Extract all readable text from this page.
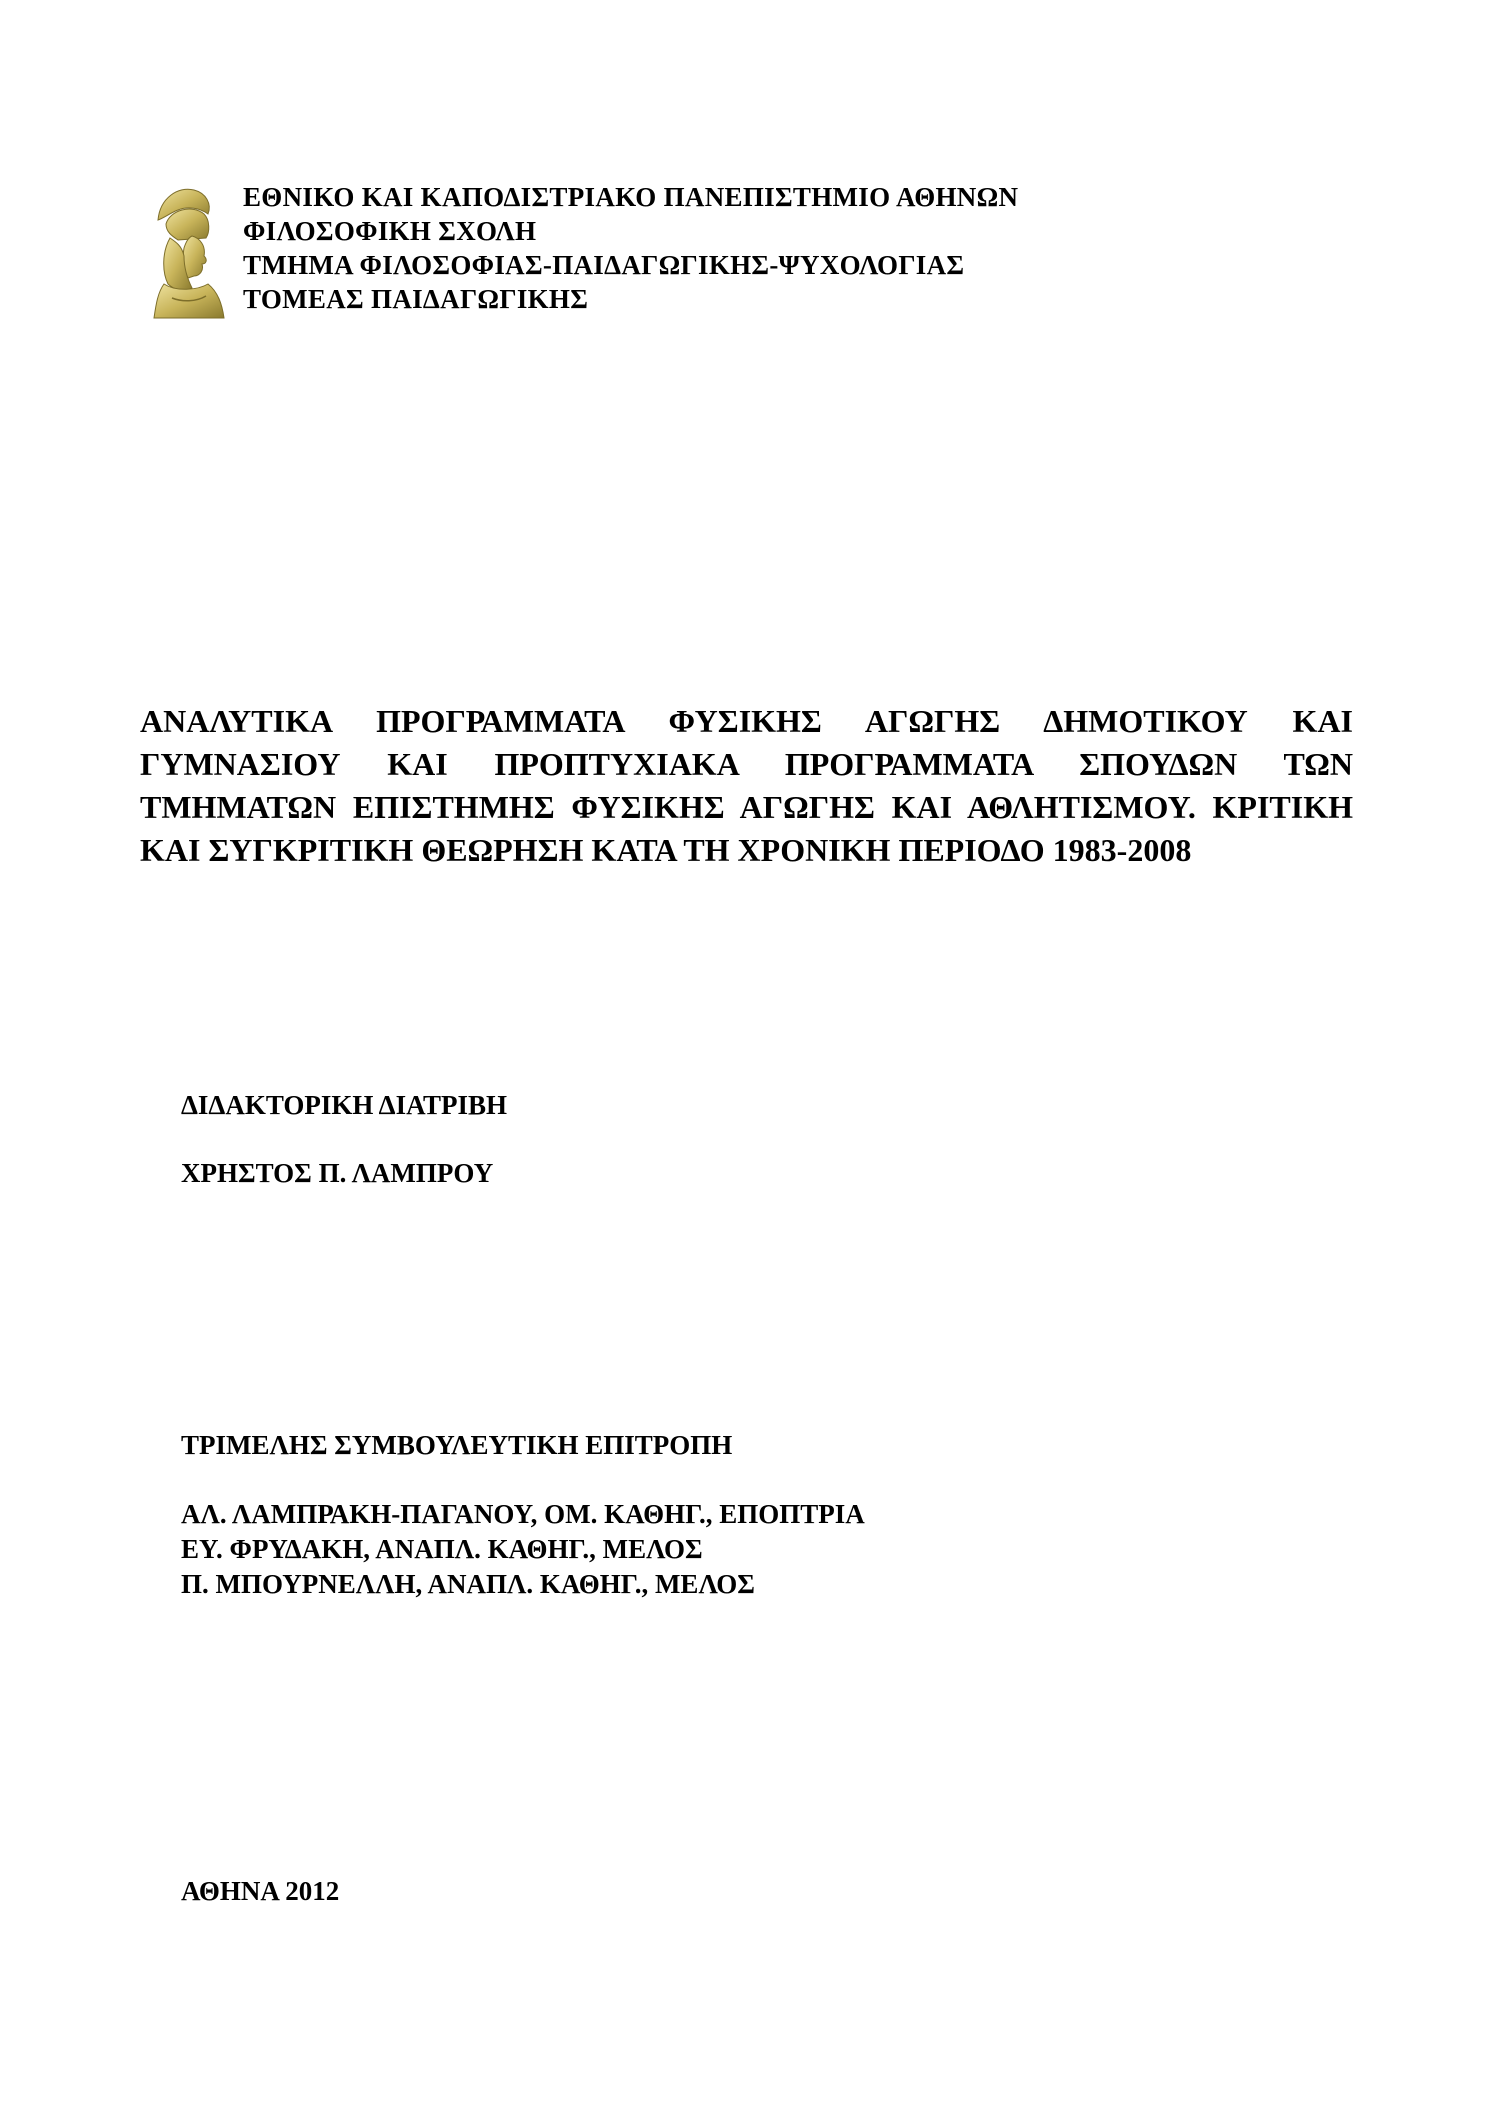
ΕΘΝΙΚΟ ΚΑΙ ΚΑΠΟΔΙΣΤΡΙΑΚΟ ΠΑΝΕΠΙΣΤΗΜΙΟ ΑΘΗΝΩΝ
ΦΙΛΟΣΟΦΙΚΗ ΣΧΟΛΗ
ΤΜΗΜΑ ΦΙΛΟΣΟΦΙΑΣ-ΠΑΙΔΑΓΩΓΙΚΗΣ-ΨΥΧΟΛΟΓΙΑΣ
ΤΟΜΕΑΣ ΠΑΙΔΑΓΩΓΙΚΗΣ
ΑΝΑΛΥΤΙΚΑ ΠΡΟΓΡΑΜΜΑΤΑ ΦΥΣΙΚΗΣ ΑΓΩΓΗΣ ΔΗΜΟΤΙΚΟΥ ΚΑΙ ΓΥΜΝΑΣΙΟΥ ΚΑΙ ΠΡΟΠΤΥΧΙΑΚΑ ΠΡΟΓΡΑΜΜΑΤΑ ΣΠΟΥΔΩΝ ΤΩΝ ΤΜΗΜΑΤΩΝ ΕΠΙΣΤΗΜΗΣ ΦΥΣΙΚΗΣ ΑΓΩΓΗΣ ΚΑΙ ΑΘΛΗΤΙΣΜΟΥ. ΚΡΙΤΙΚΗ ΚΑΙ ΣΥΓΚΡΙΤΙΚΗ ΘΕΩΡΗΣΗ ΚΑΤΑ ΤΗ ΧΡΟΝΙΚΗ ΠΕΡΙΟΔΟ 1983-2008
ΔΙΔΑΚΤΟΡΙΚΗ ΔΙΑΤΡΙΒΗ
ΧΡΗΣΤΟΣ Π. ΛΑΜΠΡΟΥ
ΤΡΙΜΕΛΗΣ ΣΥΜΒΟΥΛΕΥΤΙΚΗ ΕΠΙΤΡΟΠΗ
ΑΛ. ΛΑΜΠΡΑΚΗ-ΠΑΓΑΝΟΥ, ΟΜ. ΚΑΘΗΓ., ΕΠΟΠΤΡΙΑ
ΕΥ. ΦΡΥΔΑΚΗ, ΑΝΑΠΛ. ΚΑΘΗΓ., ΜΕΛΟΣ
Π. ΜΠΟΥΡΝΕΛΛΗ, ΑΝΑΠΛ. ΚΑΘΗΓ., ΜΕΛΟΣ
ΑΘΗΝΑ 2012
